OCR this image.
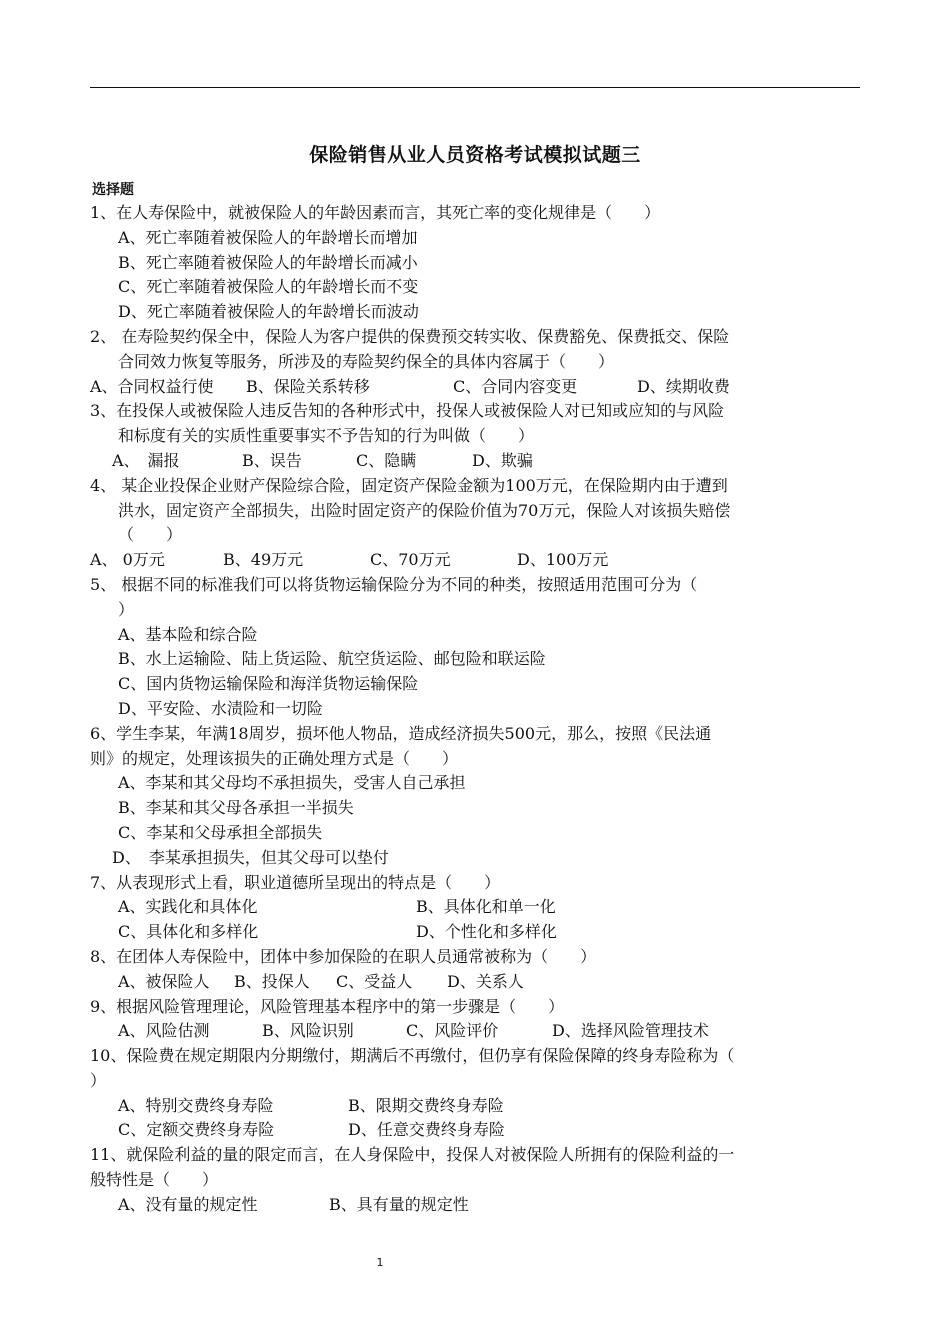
保险销售从业人员资格考试模拟试题三
选择题
1、在人寿保险中，就被保险人的年龄因素而言，其死亡率的变化规律是（　　）
A、死亡率随着被保险人的年龄增长而增加
B、死亡率随着被保险人的年龄增长而减小
C、死亡率随着被保险人的年龄增长而不变
D、死亡率随着被保险人的年龄增长而波动
2、 在寿险契约保全中，保险人为客户提供的保费预交转实收、保费豁免、保费抵交、保险
合同效力恢复等服务，所涉及的寿险契约保全的具体内容属于（　　）
A、合同权益行使	B、保险关系转移	C、合同内容变更	D、续期收费
3、在投保人或被保险人违反告知的各种形式中，投保人或被保险人对已知或应知的与风险
和标度有关的实质性重要事实不予告知的行为叫做（　　）
A、　漏报	B、误告	C、隐瞒	D、欺骗
4、 某企业投保企业财产保险综合险，固定资产保险金额为100万元，在保险期内由于遭到
洪水，固定资产全部损失，出险时固定资产的保险价值为70万元，保险人对该损失赔偿
（　　）
A、 0万元	B、49万元	C、70万元	D、100万元
5、 根据不同的标准我们可以将货物运输保险分为不同的种类，按照适用范围可分为（
）
A、基本险和综合险
B、水上运输险、陆上货运险、航空货运险、邮包险和联运险
C、国内货物运输保险和海洋货物运输保险
D、平安险、水渍险和一切险
6、学生李某，年满18周岁，损坏他人物品，造成经济损失500元，那么，按照《民法通
则》的规定，处理该损失的正确处理方式是（　　）
A、李某和其父母均不承担损失，受害人自己承担
B、李某和其父母各承担一半损失
C、李某和父母承担全部损失
D、　李某承担损失，但其父母可以垫付
7、从表现形式上看，职业道德所呈现出的特点是（　　）
A、实践化和具体化	B、具体化和单一化
C、具体化和多样化	D、个性化和多样化
8、在团体人寿保险中，团体中参加保险的在职人员通常被称为（　　）
A、被保险人	B、投保人	C、受益人	D、关系人
9、根据风险管理理论，风险管理基本程序中的第一步骤是（　　）
A、风险估测	B、风险识别	C、风险评价	D、选择风险管理技术
10、保险费在规定期限内分期缴付，期满后不再缴付，但仍享有保险保障的终身寿险称为（
）
A、特别交费终身寿险	B、限期交费终身寿险
C、定额交费终身寿险	D、任意交费终身寿险
11、就保险利益的量的限定而言，在人身保险中，投保人对被保险人所拥有的保险利益的一
般特性是（　　）
A、没有量的规定性	B、具有量的规定性
1
